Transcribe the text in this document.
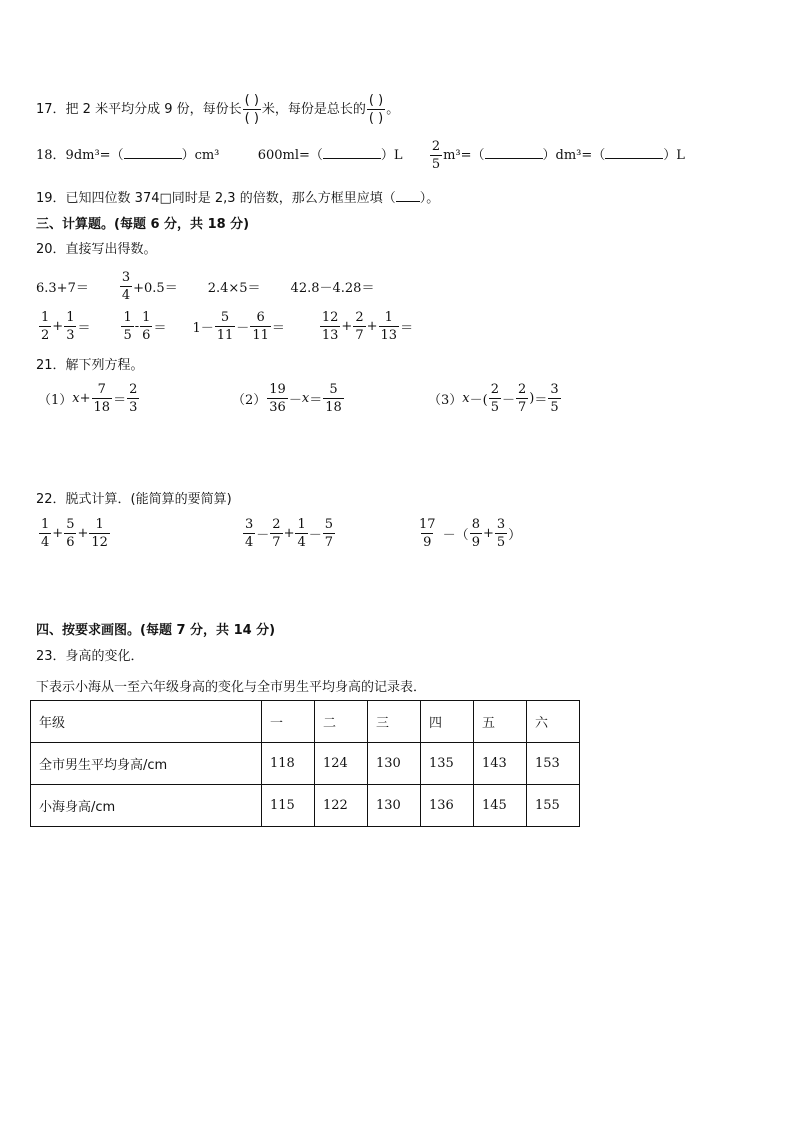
17．把 2 米平均分成 9 份，每份长 $\frac{( )}{( )}$ 米，每份是总长的 $\frac{( )}{( )}$ 。
18．9dm³=（	）cm³	600ml=（	）$L \frac{2}{5} m^3=$（	）dm³=（	）L
19．已知四位数 374□同时是 2,3 的倍数，那么方框里应填（ ）。
三、计算题。(每题 6 分，共 18 分)
20．直接写出得数。
$6.3+7= \frac{3}{4} +0.5= 2.4\times 5= 42.8-4.28=$
$\frac{1}{2} + \frac{1}{3} = \frac{1}{5} - \frac{1}{6} = 1- \frac{5}{11} - \frac{6}{11}$ ＝	$\frac{12}{13} + \frac{2}{7} + \frac{1}{13}$ ＝
21．解下列方程。
（1） $x + \frac{7}{18} = \frac{2}{3}$	$(2) \frac{19}{36} - x = \frac{5}{18}$	（3） x －( $\frac{2}{5} - \frac{2}{7}$ ) ＝ $\frac{3}{5}$
22．脱式计算．(能简算的要简算)
$\frac{1}{4} + \frac{5}{6} + \frac{1}{12}$	$\frac{3}{4} - \frac{2}{7} + \frac{1}{4} - \frac{5}{7}$	$\frac{17}{9}$ －（ $\frac{8}{9} + \frac{3}{5}$ ）
四、按要求画图。(每题 7 分，共 14 分)
23．身高的变化．
下表示小海从一至六年级身高的变化与全市男生平均身高的记录表．
年级	一	二	三	四	五	六
全市男生平均身高/cm	118	124	130	135	143	153
小海身高/cm	115	122	130	136	145	155
